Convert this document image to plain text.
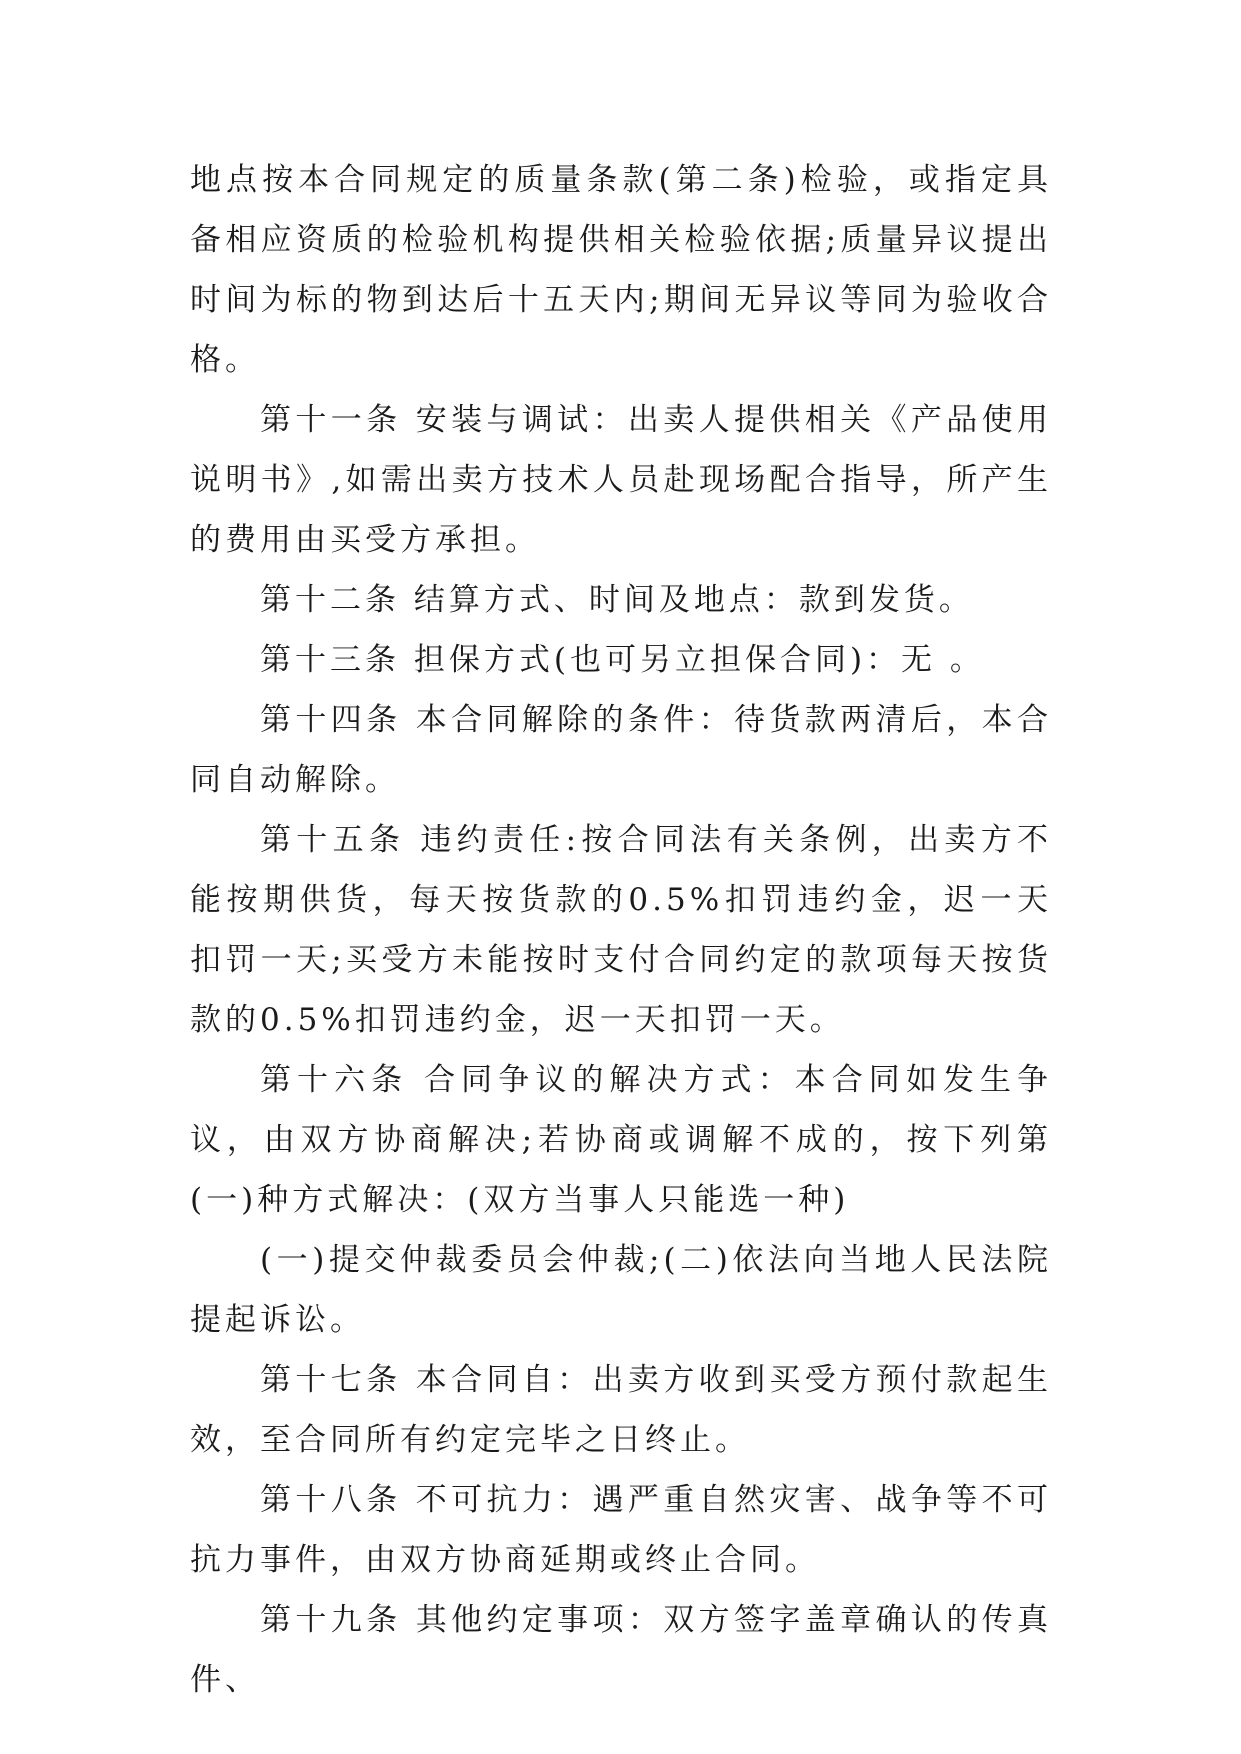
地点按本合同规定的质量条款(第二条)检验，或指定具备相应资质的检验机构提供相关检验依据;质量异议提出时间为标的物到达后十五天内;期间无异议等同为验收合格。

第十一条 安装与调试：出卖人提供相关《产品使用说明书》,如需出卖方技术人员赴现场配合指导，所产生的费用由买受方承担。

第十二条 结算方式、时间及地点：款到发货。

第十三条 担保方式(也可另立担保合同)：无 。

第十四条 本合同解除的条件：待货款两清后，本合同自动解除。

第十五条 违约责任:按合同法有关条例，出卖方不能按期供货，每天按货款的0.5%扣罚违约金，迟一天扣罚一天;买受方未能按时支付合同约定的款项每天按货款的0.5%扣罚违约金，迟一天扣罚一天。

第十六条 合同争议的解决方式：本合同如发生争议，由双方协商解决;若协商或调解不成的，按下列第(一)种方式解决：(双方当事人只能选一种)

(一)提交仲裁委员会仲裁;(二)依法向当地人民法院提起诉讼。

第十七条 本合同自：出卖方收到买受方预付款起生效，至合同所有约定完毕之日终止。

第十八条 不可抗力：遇严重自然灾害、战争等不可抗力事件，由双方协商延期或终止合同。

第十九条 其他约定事项：双方签字盖章确认的传真件、
